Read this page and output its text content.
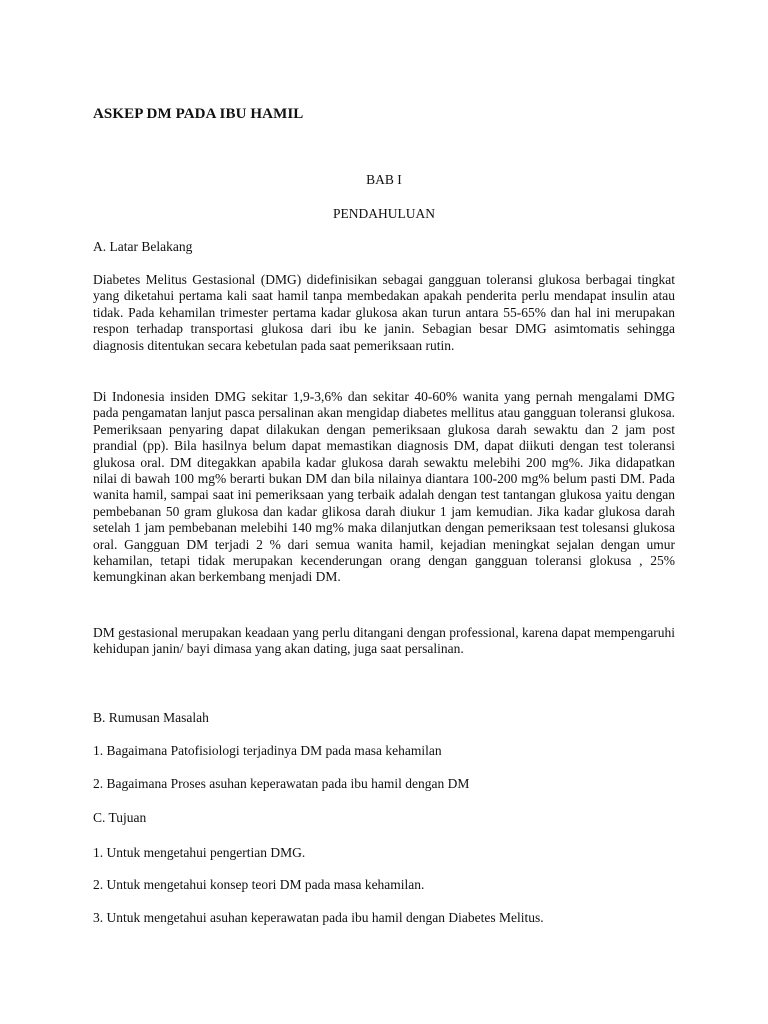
ASKEP DM PADA IBU HAMIL
BAB I
PENDAHULUAN

A. Latar Belakang

Diabetes Melitus Gestasional (DMG) didefinisikan sebagai gangguan toleransi glukosa berbagai tingkat yang diketahui pertama kali saat hamil tanpa membedakan apakah penderita perlu mendapat insulin atau tidak. Pada kehamilan trimester pertama kadar glukosa akan turun antara 55-65% dan hal ini merupakan respon terhadap transportasi glukosa dari ibu ke janin. Sebagian besar DMG asimtomatis sehingga diagnosis ditentukan secara kebetulan pada saat pemeriksaan rutin.

Di Indonesia insiden DMG sekitar 1,9-3,6% dan sekitar 40-60% wanita yang pernah mengalami DMG pada pengamatan lanjut pasca persalinan akan mengidap diabetes mellitus atau gangguan toleransi glukosa. Pemeriksaan penyaring dapat dilakukan dengan pemeriksaan glukosa darah sewaktu dan 2 jam post prandial (pp). Bila hasilnya belum dapat memastikan diagnosis DM, dapat diikuti dengan test toleransi glukosa oral. DM ditegakkan apabila kadar glukosa darah sewaktu melebihi 200 mg%. Jika didapatkan nilai di bawah 100 mg% berarti bukan DM dan bila nilainya diantara 100-200 mg% belum pasti DM. Pada wanita hamil, sampai saat ini pemeriksaan yang terbaik adalah dengan test tantangan glukosa yaitu dengan pembebanan 50 gram glukosa dan kadar glikosa darah diukur 1 jam kemudian. Jika kadar glukosa darah setelah 1 jam pembebanan melebihi 140 mg% maka dilanjutkan dengan pemeriksaan test tolesansi glukosa oral. Gangguan DM terjadi 2 % dari semua wanita hamil, kejadian meningkat sejalan dengan umur kehamilan, tetapi tidak merupakan kecenderungan orang dengan gangguan toleransi glokusa , 25% kemungkinan akan berkembang menjadi DM.

DM gestasional merupakan keadaan yang perlu ditangani dengan professional, karena dapat mempengaruhi kehidupan janin/ bayi dimasa yang akan dating, juga saat persalinan.

B. Rumusan Masalah

1. Bagaimana Patofisiologi terjadinya DM pada masa kehamilan

2. Bagaimana Proses asuhan keperawatan pada ibu hamil dengan DM

C. Tujuan

1. Untuk mengetahui pengertian DMG.

2. Untuk mengetahui konsep teori DM pada masa kehamilan.

3. Untuk mengetahui asuhan keperawatan pada ibu hamil dengan Diabetes Melitus.
